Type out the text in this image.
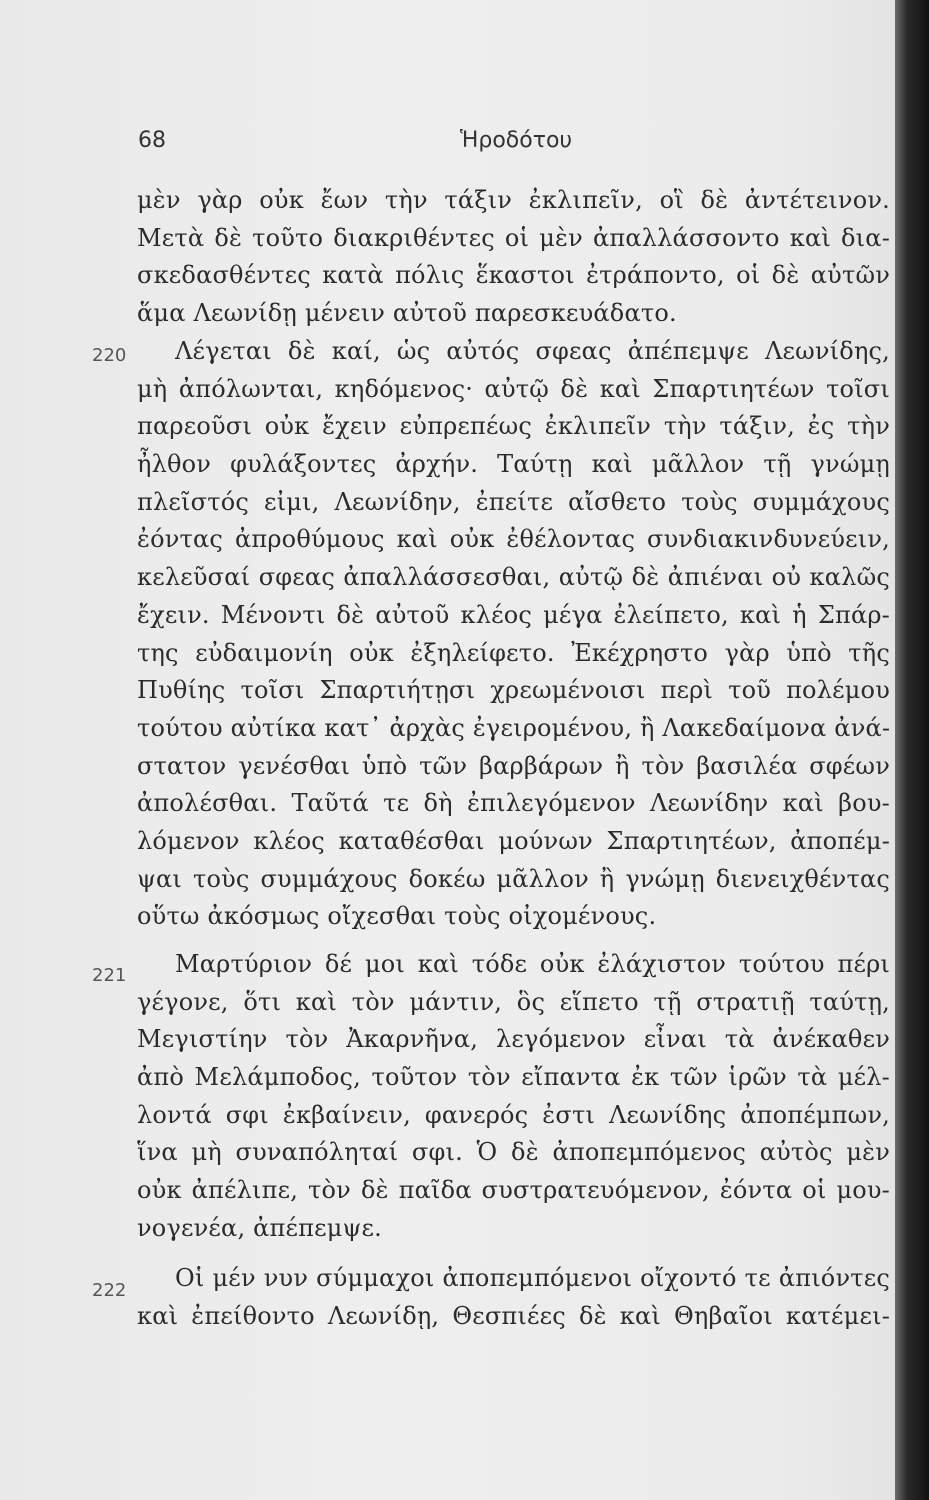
68	Ἡροδότου
μὲν γὰρ οὐκ ἔων τὴν τάξιν ἐκλιπεῖν, οἳ δὲ ἀντέτεινον.
Μετὰ δὲ τοῦτο διακριθέντες οἱ μὲν ἀπαλλάσσοντο καὶ δια-
σκεδασθέντες κατὰ πόλις ἕκαστοι ἐτράποντο, οἱ δὲ αὐτῶν
ἅμα Λεωνίδῃ μένειν αὐτοῦ παρεσκευάδατο.
220	Λέγεται δὲ καί, ὡς αὐτός σφεας ἀπέπεμψε Λεωνίδης,
μὴ ἀπόλωνται, κηδόμενος· αὐτῷ δὲ καὶ Σπαρτιητέων τοῖσι
παρεοῦσι οὐκ ἔχειν εὐπρεπέως ἐκλιπεῖν τὴν τάξιν, ἐς τὴν
ἦλθον φυλάξοντες ἀρχήν. Ταύτῃ καὶ μᾶλλον τῇ γνώμῃ
πλεῖστός εἰμι, Λεωνίδην, ἐπείτε αἴσθετο τοὺς συμμάχους
ἐόντας ἀπροθύμους καὶ οὐκ ἐθέλοντας συνδιακινδυνεύειν,
κελεῦσαί σφεας ἀπαλλάσσεσθαι, αὐτῷ δὲ ἀπιέναι οὐ καλῶς
ἔχειν. Μένοντι δὲ αὐτοῦ κλέος μέγα ἐλείπετο, καὶ ἡ Σπάρ-
της εὐδαιμονίη οὐκ ἐξηλείφετο. Ἐκέχρηστο γὰρ ὑπὸ τῆς
Πυθίης τοῖσι Σπαρτιήτῃσι χρεωμένοισι περὶ τοῦ πολέμου
τούτου αὐτίκα κατ᾽ ἀρχὰς ἐγειρομένου, ἢ Λακεδαίμονα ἀνά-
στατον γενέσθαι ὑπὸ τῶν βαρβάρων ἢ τὸν βασιλέα σφέων
ἀπολέσθαι. Ταῦτά τε δὴ ἐπιλεγόμενον Λεωνίδην καὶ βου-
λόμενον κλέος καταθέσθαι μούνων Σπαρτιητέων, ἀποπέμ-
ψαι τοὺς συμμάχους δοκέω μᾶλλον ἢ γνώμῃ διενειχθέντας
οὕτω ἀκόσμως οἴχεσθαι τοὺς οἰχομένους.
221	Μαρτύριον δέ μοι καὶ τόδε οὐκ ἐλάχιστον τούτου πέρι
γέγονε, ὅτι καὶ τὸν μάντιν, ὃς εἵπετο τῇ στρατιῇ ταύτῃ,
Μεγιστίην τὸν Ἀκαρνῆνα, λεγόμενον εἶναι τὰ ἀνέκαθεν
ἀπὸ Μελάμποδος, τοῦτον τὸν εἴπαντα ἐκ τῶν ἱρῶν τὰ μέλ-
λοντά σφι ἐκβαίνειν, φανερός ἐστι Λεωνίδης ἀποπέμπων,
ἵνα μὴ συναπόληταί σφι. Ὁ δὲ ἀποπεμπόμενος αὐτὸς μὲν
οὐκ ἀπέλιπε, τὸν δὲ παῖδα συστρατευόμενον, ἐόντα οἱ μου-
νογενέα, ἀπέπεμψε.
222	Οἱ μέν νυν σύμμαχοι ἀποπεμπόμενοι οἴχοντό τε ἀπιόντες
καὶ ἐπείθοντο Λεωνίδῃ, Θεσπιέες δὲ καὶ Θηβαῖοι κατέμει-
